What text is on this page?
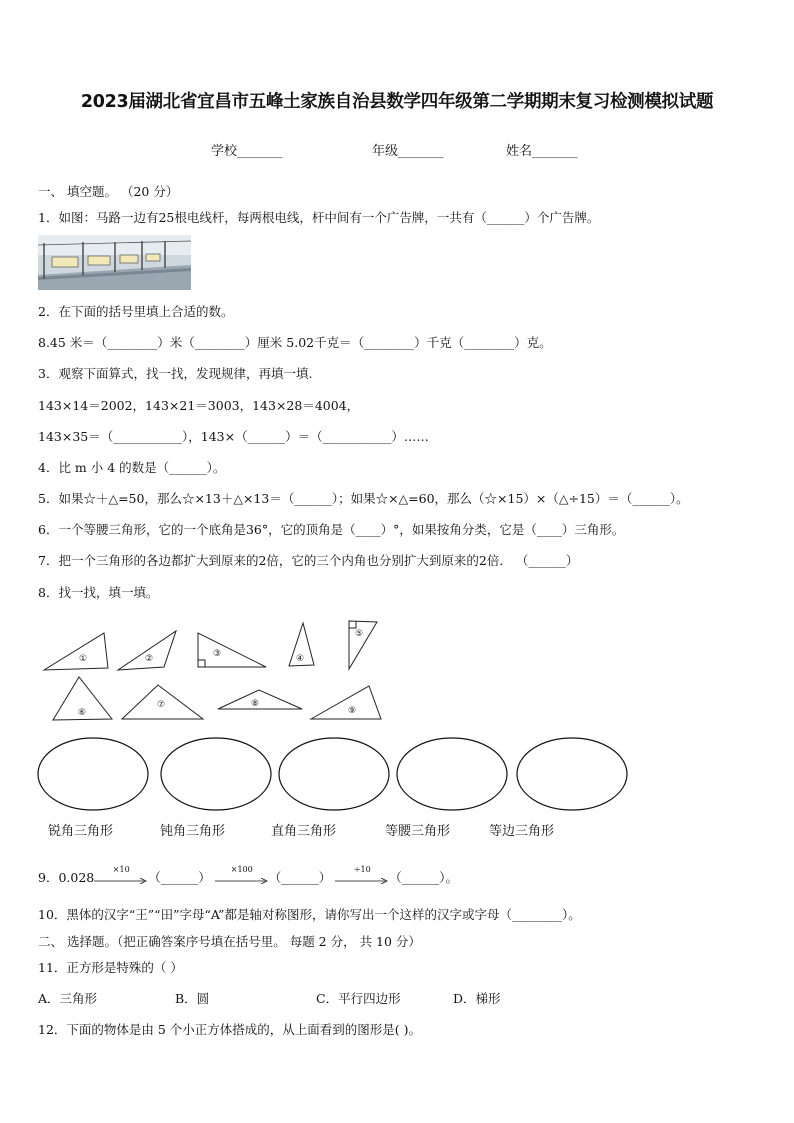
2023届湖北省宜昌市五峰土家族自治县数学四年级第二学期期末复习检测模拟试题
学校_______	年级_______	姓名_______
一、 填空题。 （20 分）
1．如图：马路一边有25根电线杆，每两根电线，杆中间有一个广告牌，一共有（______）个广告牌。
2．在下面的括号里填上合适的数。
8.45 米＝（________）米（________）厘米 5.02千克＝（________）千克（________）克。
3．观察下面算式，找一找，发现规律，再填一填.
143×14＝2002，143×21＝3003，143×28＝4004，
143×35＝（___________），143×（______）＝（___________）……
4．比 m 小 4 的数是（______）。
5．如果☆＋△=50，那么☆×13＋△×13＝（______）；如果☆×△=60，那么（☆×15）×（△÷15）＝（______）。
6．一个等腰三角形，它的一个底角是36°，它的顶角是（____）°，如果按角分类，它是（____）三角形。
7．把一个三角形的各边都扩大到原来的2倍，它的三个内角也分别扩大到原来的2倍． （______）
8．找一找，填一填。
①	②	③	④
⑤
⑥
⑦	⑧
⑨
锐角三角形	钝角三角形	直角三角形	等腰三角形	等边三角形
9．0.028
×10
（______）
×100
（______）
÷10
（______）。
10．黑体的汉字“王”“田”字母“A”都是轴对称图形，请你写出一个这样的汉字或字母（________）。
二、 选择题。（把正确答案序号填在括号里。 每题 2 分， 共 10 分）
11．正方形是特殊的（ ）
A．三角形	B．圆	C．平行四边形	D．梯形
12．下面的物体是由 5 个小正方体搭成的，从上面看到的图形是( )。
